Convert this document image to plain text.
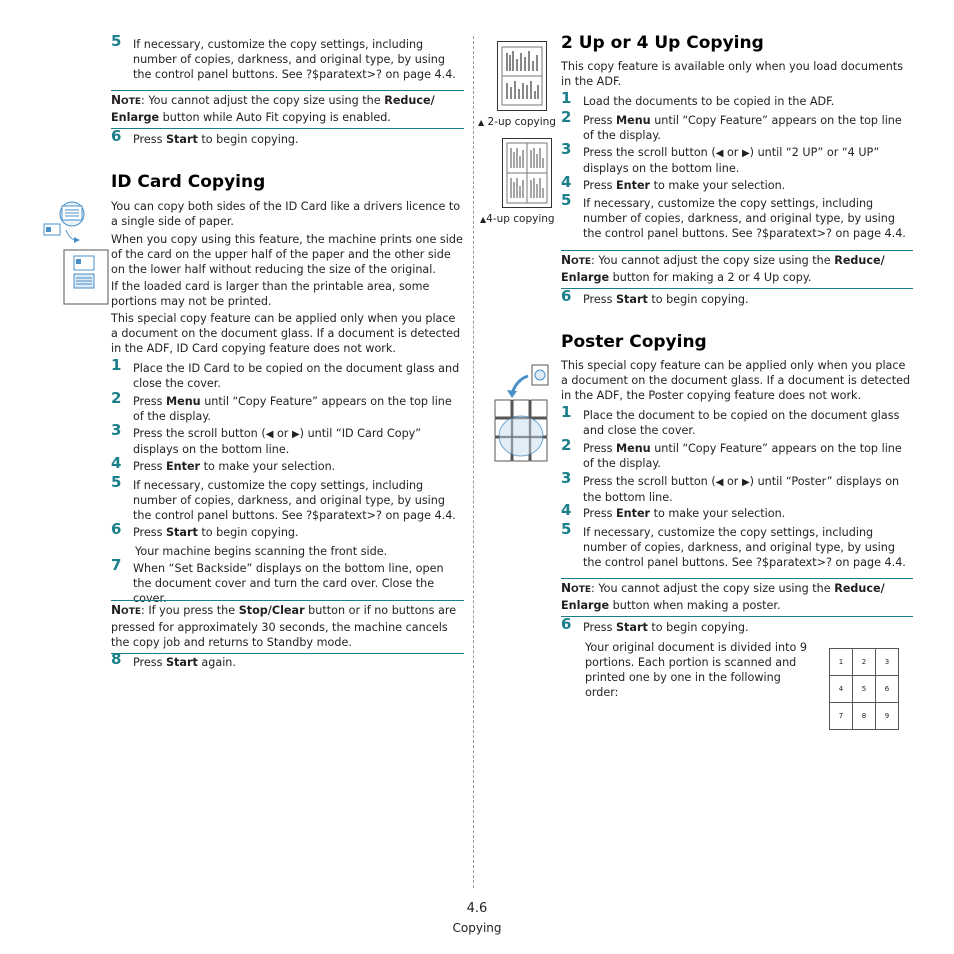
5 If necessary, customize the copy settings, including number of copies, darkness, and original type, by using the control panel buttons. See ?$paratext>? on page 4.4.
NOTE: You cannot adjust the copy size using the Reduce/ Enlarge button while Auto Fit copying is enabled.
6 Press Start to begin copying.
ID Card Copying
You can copy both sides of the ID Card like a drivers licence to a single side of paper.
When you copy using this feature, the machine prints one side of the card on the upper half of the paper and the other side on the lower half without reducing the size of the original.
If the loaded card is larger than the printable area, some portions may not be printed.
This special copy feature can be applied only when you place a document on the document glass. If a document is detected in the ADF, ID Card copying feature does not work.
1 Place the ID Card to be copied on the document glass and close the cover.
2 Press Menu until “Copy Feature” appears on the top line of the display.
3 Press the scroll button (◀ or ▶) until “ID Card Copy” displays on the bottom line.
4 Press Enter to make your selection.
5 If necessary, customize the copy settings, including number of copies, darkness, and original type, by using the control panel buttons. See ?$paratext>? on page 4.4.
6 Press Start to begin copying.
Your machine begins scanning the front side.
7 When “Set Backside” displays on the bottom line, open the document cover and turn the card over. Close the cover.
NOTE: If you press the Stop/Clear button or if no buttons are pressed for approximately 30 seconds, the machine cancels the copy job and returns to Standby mode.
8 Press Start again.
▲ 2-up copying
▲4-up copying
2 Up or 4 Up Copying
This copy feature is available only when you load documents in the ADF.
1 Load the documents to be copied in the ADF.
2 Press Menu until “Copy Feature” appears on the top line of the display.
3 Press the scroll button (◀ or ▶) until “2 UP” or “4 UP” displays on the bottom line.
4 Press Enter to make your selection.
5 If necessary, customize the copy settings, including number of copies, darkness, and original type, by using the control panel buttons. See ?$paratext>? on page 4.4.
NOTE: You cannot adjust the copy size using the Reduce/ Enlarge button for making a 2 or 4 Up copy.
6 Press Start to begin copying.
Poster Copying
This special copy feature can be applied only when you place a document on the document glass. If a document is detected in the ADF, the Poster copying feature does not work.
1 Place the document to be copied on the document glass and close the cover.
2 Press Menu until “Copy Feature” appears on the top line of the display.
3 Press the scroll button (◀ or ▶) until “Poster” displays on the bottom line.
4 Press Enter to make your selection.
5 If necessary, customize the copy settings, including number of copies, darkness, and original type, by using the control panel buttons. See ?$paratext>? on page 4.4.
NOTE: You cannot adjust the copy size using the Reduce/ Enlarge button when making a poster.
6 Press Start to begin copying.
Your original document is divided into 9 portions. Each portion is scanned and printed one by one in the following order:
1	2	3
4	5	6
7	8	9
4.6
Copying
